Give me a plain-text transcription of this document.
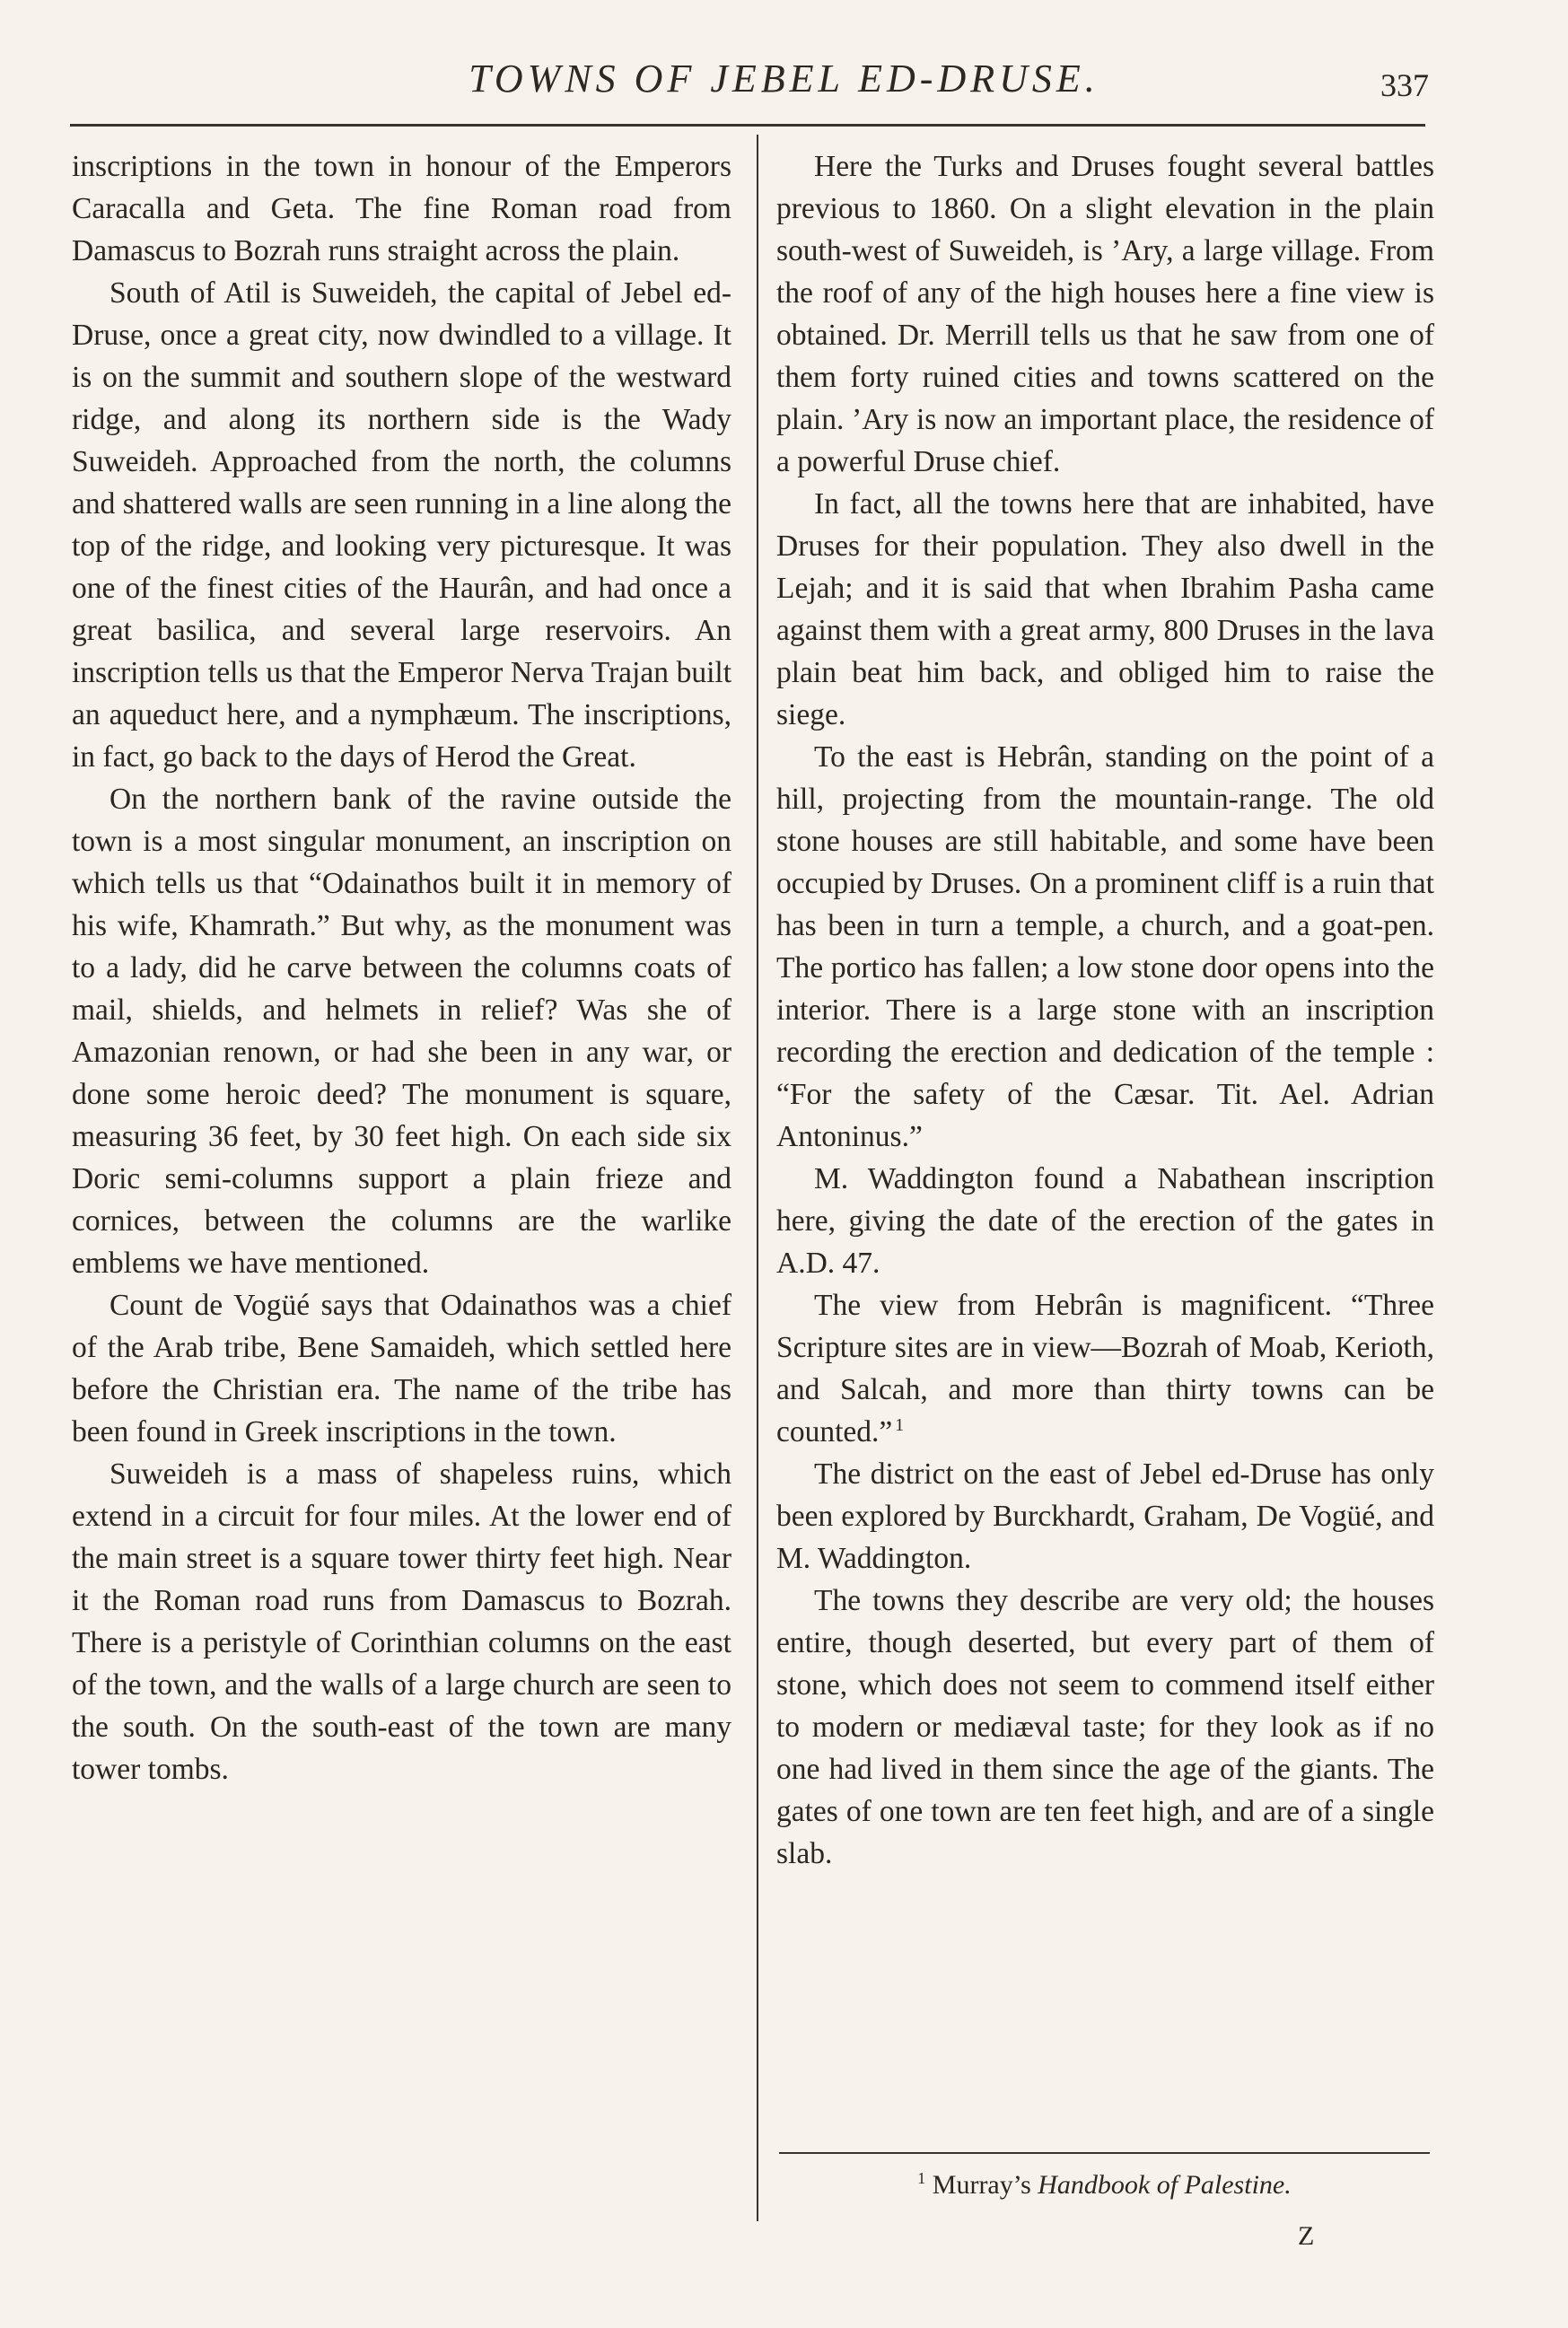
TOWNS OF JEBEL ED-DRUSE.	337

inscriptions in the town in honour of the Emperors Caracalla and Geta. The fine Roman road from Damascus to Bozrah runs straight across the plain.

South of Atil is Suweideh, the capital of Jebel ed-Druse, once a great city, now dwindled to a village. It is on the summit and southern slope of the westward ridge, and along its northern side is the Wady Suweideh. Approached from the north, the columns and shattered walls are seen running in a line along the top of the ridge, and looking very picturesque. It was one of the finest cities of the Haurân, and had once a great basilica, and several large reservoirs. An inscription tells us that the Emperor Nerva Trajan built an aqueduct here, and a nymphæum. The inscriptions, in fact, go back to the days of Herod the Great.

On the northern bank of the ravine outside the town is a most singular monument, an inscription on which tells us that “Odainathos built it in memory of his wife, Khamrath.” But why, as the monument was to a lady, did he carve between the columns coats of mail, shields, and helmets in relief? Was she of Amazonian renown, or had she been in any war, or done some heroic deed? The monument is square, measuring 36 feet, by 30 feet high. On each side six Doric semi-columns support a plain frieze and cornices, between the columns are the warlike emblems we have mentioned.

Count de Vogüé says that Odainathos was a chief of the Arab tribe, Bene Samaideh, which settled here before the Christian era. The name of the tribe has been found in Greek inscriptions in the town.

Suweideh is a mass of shapeless ruins, which extend in a circuit for four miles. At the lower end of the main street is a square tower thirty feet high. Near it the Roman road runs from Damascus to Bozrah. There is a peristyle of Corinthian columns on the east of the town, and the walls of a large church are seen to the south. On the south-east of the town are many tower tombs.

Here the Turks and Druses fought several battles previous to 1860. On a slight elevation in the plain south-west of Suweideh, is ’Ary, a large village. From the roof of any of the high houses here a fine view is obtained. Dr. Merrill tells us that he saw from one of them forty ruined cities and towns scattered on the plain. ’Ary is now an important place, the residence of a powerful Druse chief.

In fact, all the towns here that are inhabited, have Druses for their population. They also dwell in the Lejah; and it is said that when Ibrahim Pasha came against them with a great army, 800 Druses in the lava plain beat him back, and obliged him to raise the siege.

To the east is Hebrân, standing on the point of a hill, projecting from the mountain-range. The old stone houses are still habitable, and some have been occupied by Druses. On a prominent cliff is a ruin that has been in turn a temple, a church, and a goat-pen. The portico has fallen; a low stone door opens into the interior. There is a large stone with an inscription recording the erection and dedication of the temple : “For the safety of the Cæsar. Tit. Ael. Adrian Antoninus.”

M. Waddington found a Nabathean inscription here, giving the date of the erection of the gates in A.D. 47.

The view from Hebrân is magnificent. “Three Scripture sites are in view—Bozrah of Moab, Kerioth, and Salcah, and more than thirty towns can be counted.”  $^1$

The district on the east of Jebel ed-Druse has only been explored by Burckhardt, Graham, De Vogüé, and M. Waddington.

The towns they describe are very old; the houses entire, though deserted, but every part of them of stone, which does not seem to commend itself either to modern or mediæval taste; for they look as if no one had lived in them since the age of the giants. The gates of one town are ten feet high, and are of a single slab.

$^1$ Murray’s Handbook of Palestine.
Z
